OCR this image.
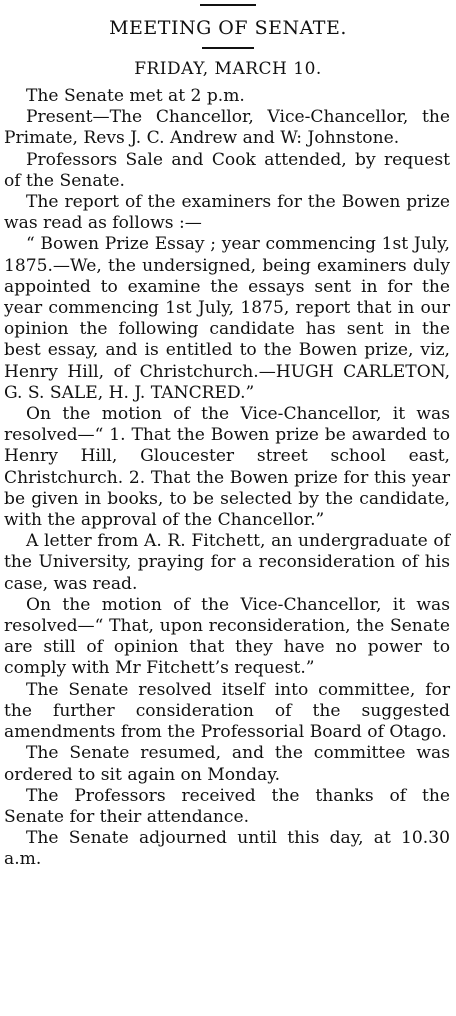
MEETING OF SENATE.
FRIDAY, MARCH 10.

The Senate met at 2 p.m.

Present—The Chancellor, Vice-Chancellor, the Primate, Revs J. C. Andrew and W: Johnstone.

Professors Sale and Cook attended, by request of the Senate.

The report of the examiners for the Bowen prize was read as follows :—

“ Bowen Prize Essay ; year commencing 1st July, 1875.—We, the undersigned, being examiners duly appointed to examine the essays sent in for the year commencing 1st July, 1875, report that in our opinion the following candidate has sent in the best essay, and is entitled to the Bowen prize, viz, Henry Hill, of Christchurch.—HUGH CARLETON, G. S. SALE, H. J. TANCRED.”

On the motion of the Vice-Chancellor, it was resolved—“ 1. That the Bowen prize be awarded to Henry Hill, Gloucester street school east, Christchurch. 2. That the Bowen prize for this year be given in books, to be selected by the candidate, with the approval of the Chancellor.”

A letter from A. R. Fitchett, an undergraduate of the University, praying for a reconsideration of his case, was read.

On the motion of the Vice-Chancellor, it was resolved—“ That, upon reconsideration, the Senate are still of opinion that they have no power to comply with Mr Fitchett’s request.”

The Senate resolved itself into committee, for the further consideration of the suggested amendments from the Professorial Board of Otago.

The Senate resumed, and the committee was ordered to sit again on Monday.

The Professors received the thanks of the Senate for their attendance.

The Senate adjourned until this day, at 10.30 a.m.
